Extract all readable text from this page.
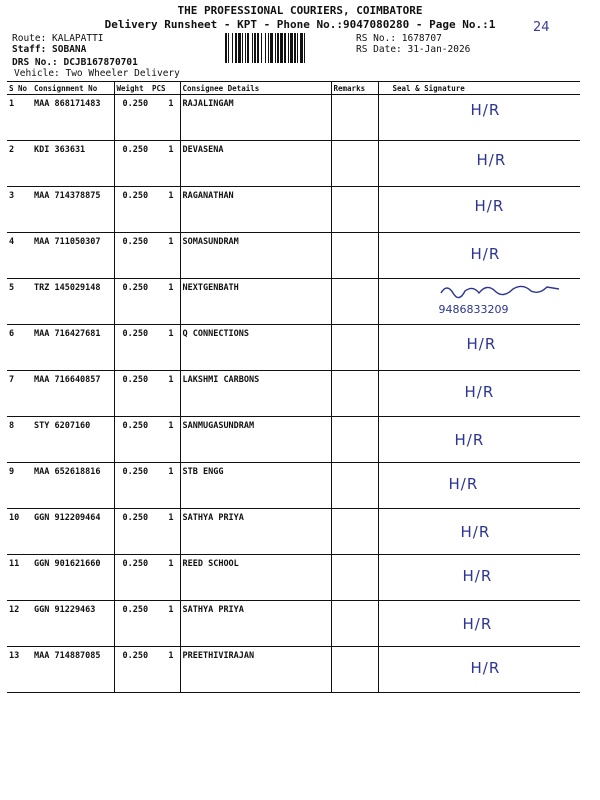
THE PROFESSIONAL COURIERS, COIMBATORE
Delivery Runsheet - KPT - Phone No.:9047080280 - Page No.:1	24
Route: KALAPATTI
Staff: SOBANA
DRS No.: DCJB167870701
Vehicle: Two Wheeler Delivery
RS No.: 1678707
RS Date: 31-Jan-2026
S No	Consignment No	Weight	PCS	Consignee Details	Remarks	Seal & Signature
1	MAA 868171483	0.250	1	RAJALINGAM		H/R

2	KDI 363631	0.250	1	DEVASENA		H/R

3	MAA 714378875	0.250	1	RAGANATHAN		H/R

4	MAA 711050307	0.250	1	SOMASUNDRAM		H/R

5	TRZ 145029148	0.250	1	NEXTGENBATH		9486833209

6	MAA 716427681	0.250	1	Q CONNECTIONS		H/R

7	MAA 716640857	0.250	1	LAKSHMI CARBONS		H/R

8	STY 6207160	0.250	1	SANMUGASUNDRAM		H/R

9	MAA 652618816	0.250	1	STB ENGG		H/R

10	GGN 912209464	0.250	1	SATHYA PRIYA		H/R

11	GGN 901621660	0.250	1	REED SCHOOL		H/R

12	GGN 91229463	0.250	1	SATHYA PRIYA		H/R

13	MAA 714887085	0.250	1	PREETHIVIRAJAN		H/R
